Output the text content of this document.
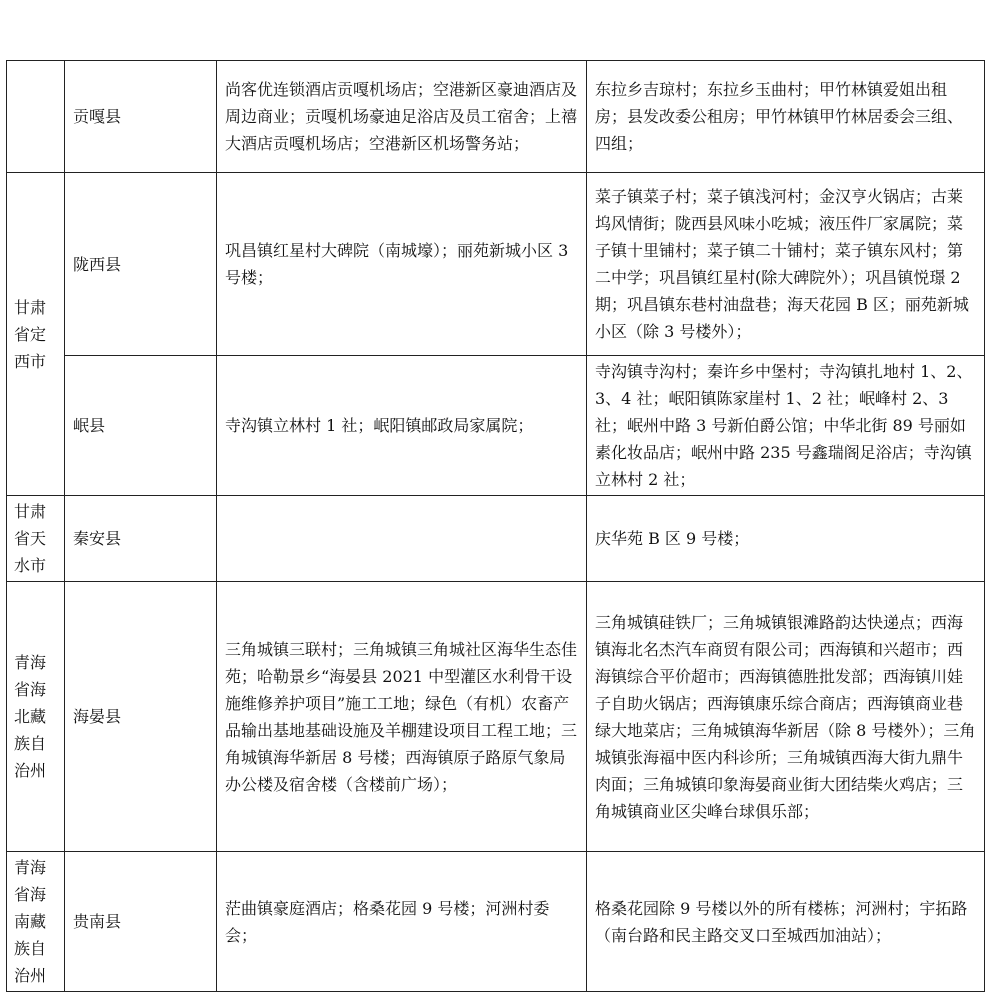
	贡嘎县	尚客优连锁酒店贡嘎机场店；空港新区豪迪酒店及周边商业；贡嘎机场豪迪足浴店及员工宿舍；上禧大酒店贡嘎机场店；空港新区机场警务站；	东拉乡吉琼村；东拉乡玉曲村；甲竹林镇爱姐出租房；县发改委公租房；甲竹林镇甲竹林居委会三组、四组；
甘肃省定西市	陇西县	巩昌镇红星村大碑院（南城壕）；丽苑新城小区 3 号楼；	菜子镇菜子村；菜子镇浅河村；金汉亨火锅店；古莱坞风情街；陇西县风味小吃城；液压件厂家属院；菜子镇十里铺村；菜子镇二十铺村；菜子镇东风村；第二中学；巩昌镇红星村(除大碑院外）；巩昌镇悦璟 2 期；巩昌镇东巷村油盘巷；海天花园 B 区；丽苑新城小区（除 3 号楼外）；
	岷县	寺沟镇立林村 1 社；岷阳镇邮政局家属院；	寺沟镇寺沟村；秦许乡中堡村；寺沟镇扎地村 1、2、3、4 社；岷阳镇陈家崖村 1、2 社；岷峰村 2、3 社；岷州中路 3 号新伯爵公馆；中华北街 89 号丽如素化妆品店；岷州中路 235 号鑫瑞阁足浴店；寺沟镇立林村 2 社；
甘肃省天水市	秦安县		庆华苑 B 区 9 号楼；
青海省海北藏族自治州	海晏县	三角城镇三联村；三角城镇三角城社区海华生态佳苑；哈勒景乡“海晏县 2021 中型灌区水利骨干设施维修养护项目”施工工地；绿色（有机）农畜产品输出基地基础设施及羊棚建设项目工程工地；三角城镇海华新居 8 号楼；西海镇原子路原气象局办公楼及宿舍楼（含楼前广场）；	三角城镇硅铁厂；三角城镇银滩路韵达快递点；西海镇海北名杰汽车商贸有限公司；西海镇和兴超市；西海镇综合平价超市；西海镇德胜批发部；西海镇川娃子自助火锅店；西海镇康乐综合商店；西海镇商业巷绿大地菜店；三角城镇海华新居（除 8 号楼外）；三角城镇张海福中医内科诊所；三角城镇西海大街九鼎牛肉面；三角城镇印象海晏商业街大团结柴火鸡店；三角城镇商业区尖峰台球俱乐部；
青海省海南藏族自治州	贵南县	茫曲镇豪庭酒店；格桑花园 9 号楼；河洲村委会；	格桑花园除 9 号楼以外的所有楼栋；河洲村；宇拓路（南台路和民主路交叉口至城西加油站）；
